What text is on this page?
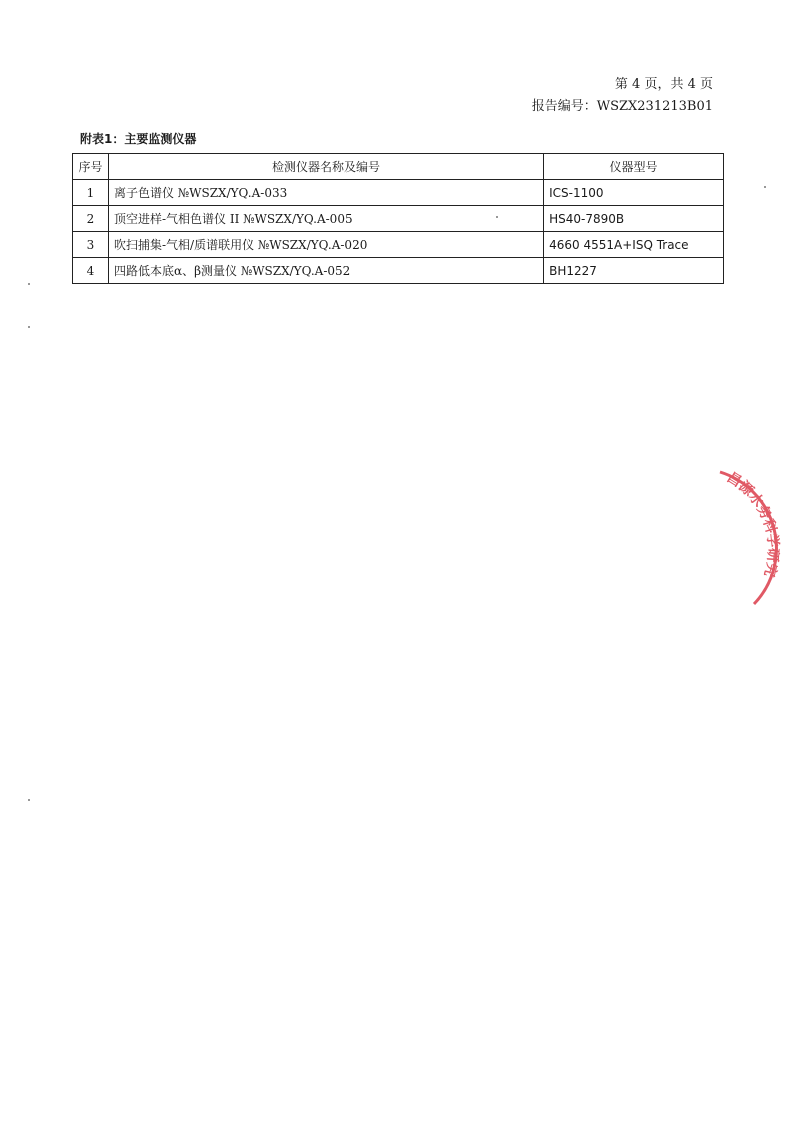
第 4 页，共 4 页
报告编号：WSZX231213B01
附表1：主要监测仪器
序号	检测仪器名称及编号	仪器型号
1	离子色谱仪 №WSZX/YQ.A-033	ICS-1100
2	顶空进样-气相色谱仪 II №WSZX/YQ.A-005	HS40-7890B
3	吹扫捕集-气相/质谱联用仪 №WSZX/YQ.A-020	4660 4551A+ISQ Trace
4	四路低本底α、β测量仪 №WSZX/YQ.A-052	BH1227
昌源水务科学研究
